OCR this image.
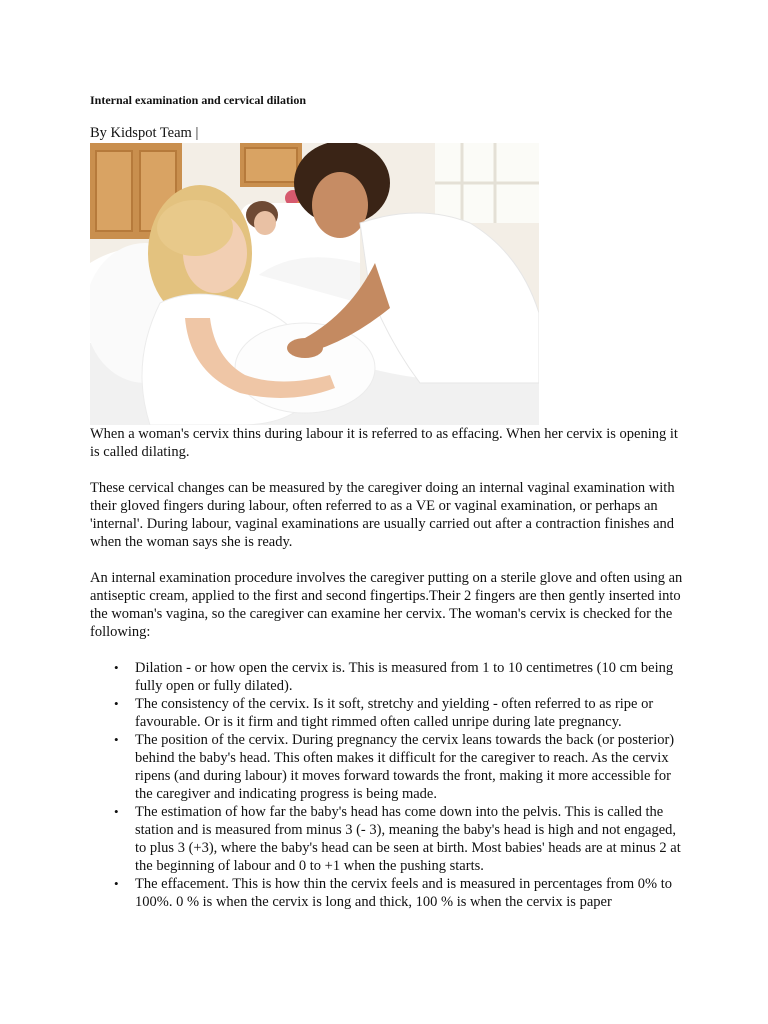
Internal examination and cervical dilation
By Kidspot Team |

When a woman's cervix thins during labour it is referred to as effacing. When her cervix is opening it is called dilating.

These cervical changes can be measured by the caregiver doing an internal vaginal examination with their gloved fingers during labour, often referred to as a VE or vaginal examination, or perhaps an 'internal'. During labour, vaginal examinations are usually carried out after a contraction finishes and when the woman says she is ready.

An internal examination procedure involves the caregiver putting on a sterile glove and often using an antiseptic cream, applied to the first and second fingertips.Their 2 fingers are then gently inserted into the woman's vagina, so the caregiver can examine her cervix. The woman's cervix is checked for the following:

• Dilation - or how open the cervix is. This is measured from 1 to 10 centimetres (10 cm being fully open or fully dilated).
• The consistency of the cervix. Is it soft, stretchy and yielding - often referred to as ripe or favourable. Or is it firm and tight rimmed often called unripe during late pregnancy.
• The position of the cervix. During pregnancy the cervix leans towards the back (or posterior) behind the baby's head. This often makes it difficult for the caregiver to reach. As the cervix ripens (and during labour) it moves forward towards the front, making it more accessible for the caregiver and indicating progress is being made.
• The estimation of how far the baby's head has come down into the pelvis. This is called the station and is measured from minus 3 (- 3), meaning the baby's head is high and not engaged, to plus 3 (+3), where the baby's head can be seen at birth. Most babies' heads are at minus 2 at the beginning of labour and 0 to +1 when the pushing starts.
• The effacement. This is how thin the cervix feels and is measured in percentages from 0% to 100%. 0 % is when the cervix is long and thick, 100 % is when the cervix is paper
